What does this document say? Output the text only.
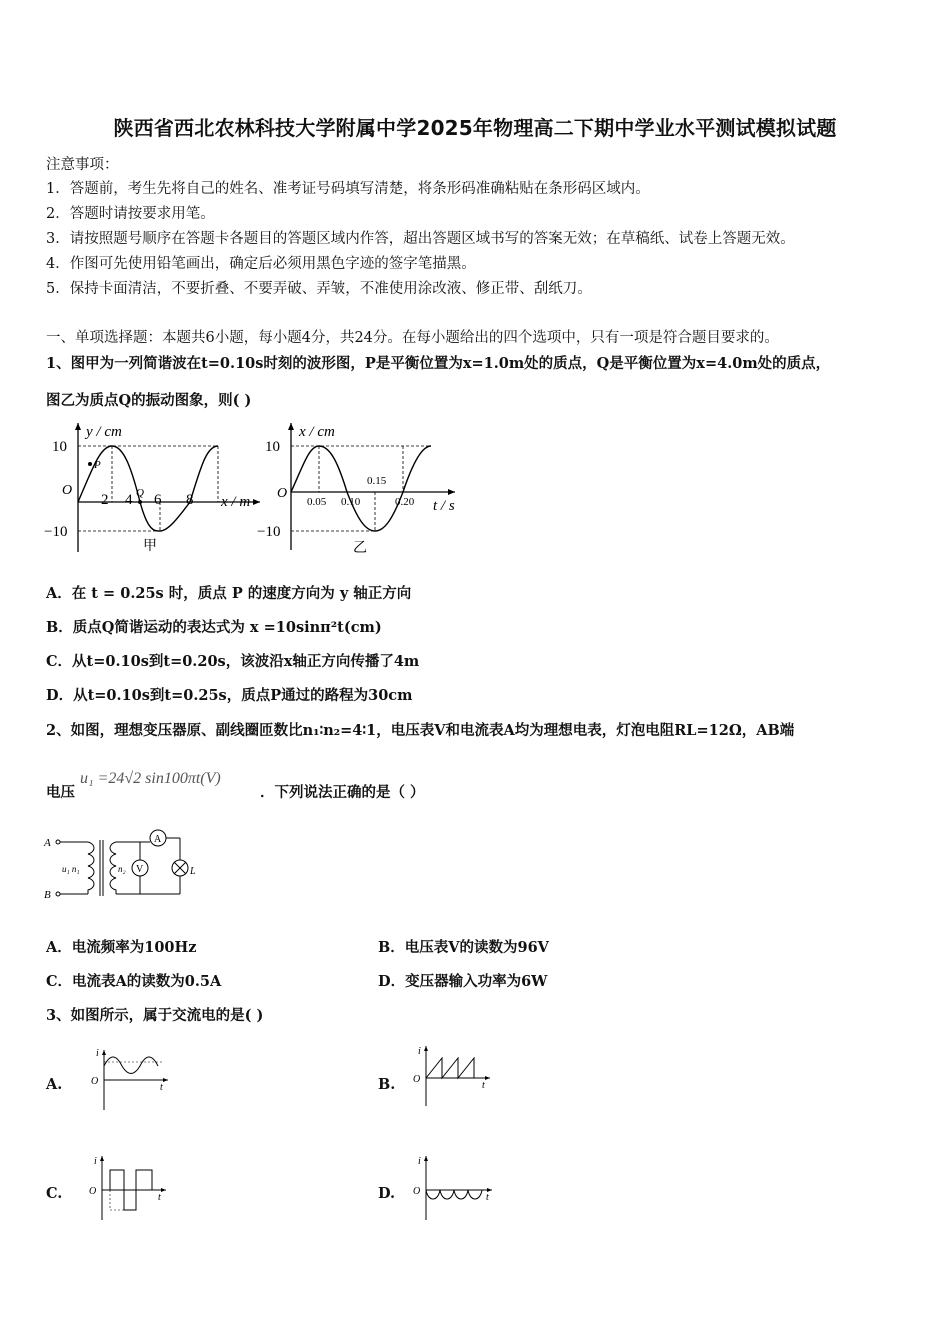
陕西省西北农林科技大学附属中学2025年物理高二下期中学业水平测试模拟试题
注意事项：
1．答题前，考生先将自己的姓名、准考证号码填写清楚，将条形码准确粘贴在条形码区域内。
2．答题时请按要求用笔。
3．请按照题号顺序在答题卡各题目的答题区域内作答，超出答题区域书写的答案无效；在草稿纸、试卷上答题无效。
4．作图可先使用铅笔画出，确定后必须用黑色字迹的签字笔描黑。
5．保持卡面清洁，不要折叠、不要弄破、弄皱，不准使用涂改液、修正带、刮纸刀。
一、单项选择题：本题共6小题，每小题4分，共24分。在每小题给出的四个选项中，只有一项是符合题目要求的。
1、图甲为一列简谐波在t=0.10s时刻的波形图，P是平衡位置为x=1.0m处的质点，Q是平衡位置为x=4.0m处的质点，
图乙为质点Q的振动图象，则( )
P
Q
y / cm
10
−10
O
2 4 6 8 x / m
甲
x / cm
10
−10
O
0.05 0.10
0.15
0.20 t / s
乙
A．在 t = 0.25s 时，质点 P 的速度方向为 y 轴正方向
B．质点Q简谐运动的表达式为 x =10sinπ²t(cm)
C．从t=0.10s到t=0.20s，该波沿x轴正方向传播了4m
D．从t=0.10s到t=0.25s，质点P通过的路程为30cm
2、如图，理想变压器原、副线圈匝数比n₁∶n₂=4∶1，电压表V和电流表A均为理想电表，灯泡电阻RL=12Ω，AB端
电压
u₁ =24√2 sin100πt(V)
．下列说法正确的是（ ）
A
B
u₁ n₁	n₂
A
V	L
A．电流频率为100Hz	B．电压表V的读数为96V
C．电流表A的读数为0.5A	D．变压器输入功率为6W
3、如图所示，属于交流电的是( )
A.
i
O
t	B.
i
O
t
C.
i
O
t	D.
i
O
t
